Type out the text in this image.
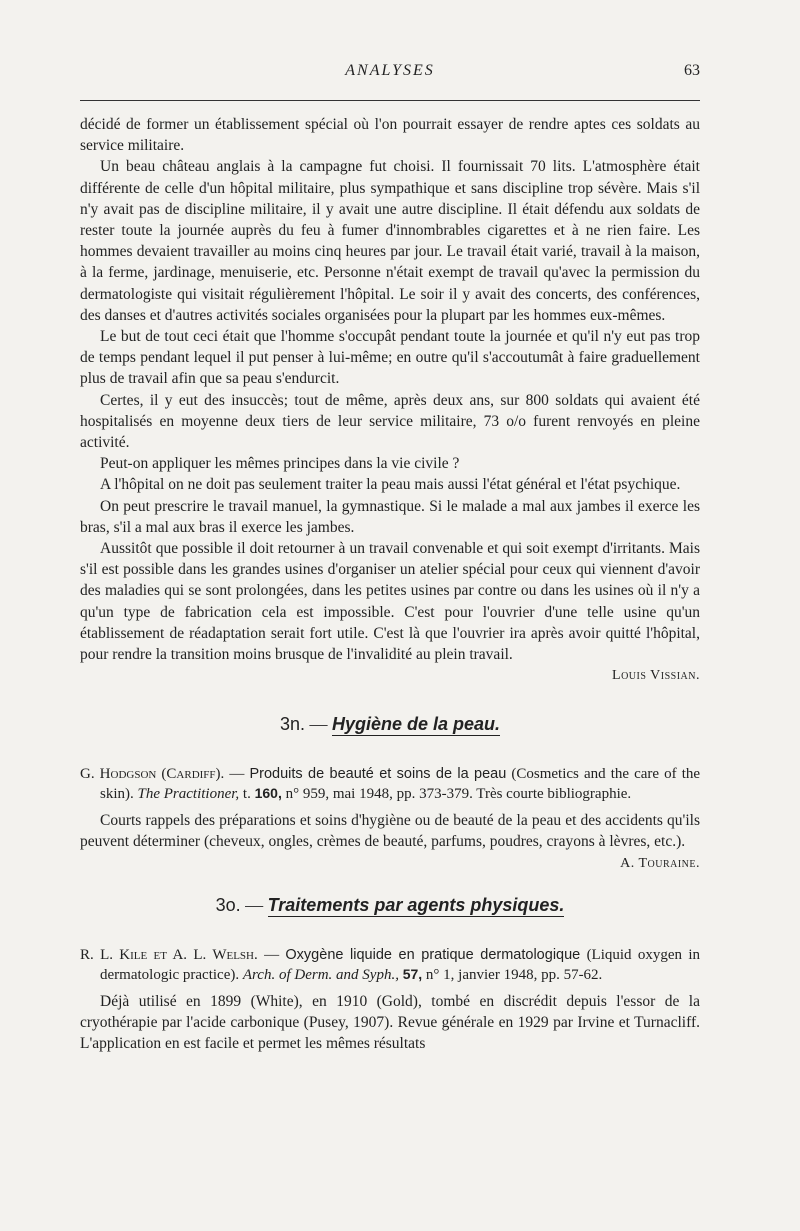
ANALYSES	63

décidé de former un établissement spécial où l'on pourrait essayer de rendre aptes ces soldats au service militaire.

Un beau château anglais à la campagne fut choisi. Il fournissait 70 lits. L'atmosphère était différente de celle d'un hôpital militaire, plus sympathique et sans discipline trop sévère. Mais s'il n'y avait pas de discipline militaire, il y avait une autre discipline. Il était défendu aux soldats de rester toute la journée auprès du feu à fumer d'innombrables cigarettes et à ne rien faire. Les hommes devaient travailler au moins cinq heures par jour. Le travail était varié, travail à la maison, à la ferme, jardinage, menuiserie, etc. Personne n'était exempt de travail qu'avec la permission du dermatologiste qui visitait régulièrement l'hôpital. Le soir il y avait des concerts, des conférences, des danses et d'autres activités sociales organisées pour la plupart par les hommes eux-mêmes.

Le but de tout ceci était que l'homme s'occupât pendant toute la journée et qu'il n'y eut pas trop de temps pendant lequel il put penser à lui-même; en outre qu'il s'accoutumât à faire graduellement plus de travail afin que sa peau s'endurcit.

Certes, il y eut des insuccès; tout de même, après deux ans, sur 800 soldats qui avaient été hospitalisés en moyenne deux tiers de leur service militaire, 73 o/o furent renvoyés en pleine activité.

Peut-on appliquer les mêmes principes dans la vie civile ?

A l'hôpital on ne doit pas seulement traiter la peau mais aussi l'état général et l'état psychique.

On peut prescrire le travail manuel, la gymnastique. Si le malade a mal aux jambes il exerce les bras, s'il a mal aux bras il exerce les jambes.

Aussitôt que possible il doit retourner à un travail convenable et qui soit exempt d'irritants. Mais s'il est possible dans les grandes usines d'organiser un atelier spécial pour ceux qui viennent d'avoir des maladies qui se sont prolongées, dans les petites usines par contre ou dans les usines où il n'y a qu'un type de fabrication cela est impossible. C'est pour l'ouvrier d'une telle usine qu'un établissement de réadaptation serait fort utile. C'est là que l'ouvrier ira après avoir quitté l'hôpital, pour rendre la transition moins brusque de l'invalidité au plein travail.

Louis Vissian.
3n. — Hygiène de la peau.
G. Hodgson (Cardiff). — Produits de beauté et soins de la peau (Cosmetics and the care of the skin). The Practitioner, t. 160, n° 959, mai 1948, pp. 373-379. Très courte bibliographie.

Courts rappels des préparations et soins d'hygiène ou de beauté de la peau et des accidents qu'ils peuvent déterminer (cheveux, ongles, crèmes de beauté, parfums, poudres, crayons à lèvres, etc.).
A. Touraine.

3o. — Traitements par agents physiques.
R. L. Kile et A. L. Welsh. — Oxygène liquide en pratique dermatologique (Liquid oxygen in dermatologic practice). Arch. of Derm. and Syph., 57, n° 1, janvier 1948, pp. 57-62.

Déjà utilisé en 1899 (White), en 1910 (Gold), tombé en discrédit depuis l'essor de la cryothérapie par l'acide carbonique (Pusey, 1907). Revue générale en 1929 par Irvine et Turnacliff. L'application en est facile et permet les mêmes résultats
